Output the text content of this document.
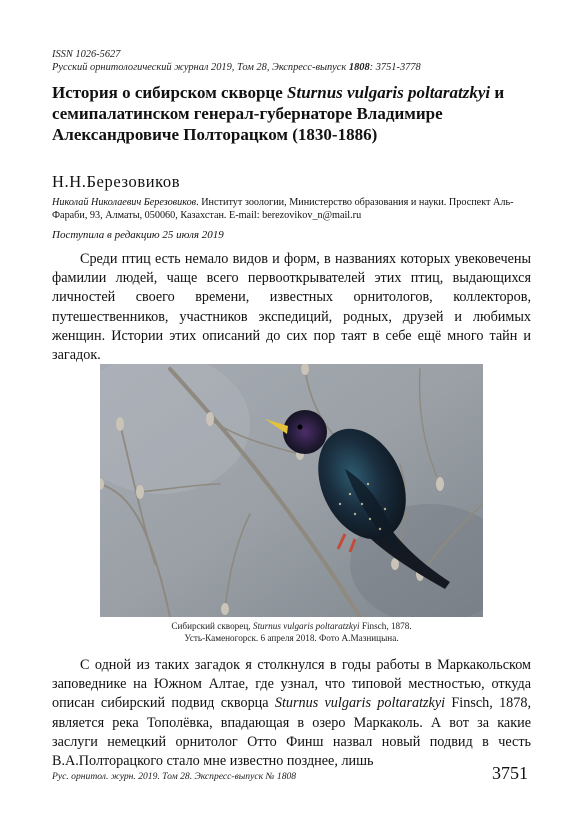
ISSN 1026-5627
Русский орнитологический журнал 2019, Том 28, Экспресс-выпуск 1808: 3751-3778
История о сибирском скворце Sturnus vulgaris poltaratzkyi и семипалатинском генерал-губернаторе Владимире Александровиче Полторацком (1830-1886)
Н.Н.Березовиков
Николай Николаевич Березовиков. Институт зоологии, Министерство образования и науки. Проспект Аль-Фараби, 93, Алматы, 050060, Казахстан. E-mail: berezovikov_n@mail.ru
Поступила в редакцию 25 июля 2019
Среди птиц есть немало видов и форм, в названиях которых увековечены фамилии людей, чаще всего первооткрывателей этих птиц, выдающихся личностей своего времени, известных орнитологов, коллекторов, путешественников, участников экспедиций, родных, друзей и любимых женщин. Истории этих описаний до сих пор таят в себе ещё много тайн и загадок.
Сибирский скворец, Sturnus vulgaris poltaratzkyi Finsch, 1878.
Усть-Каменогорск. 6 апреля 2018. Фото А.Мазницына.
С одной из таких загадок я столкнулся в годы работы в Маркакольском заповеднике на Южном Алтае, где узнал, что типовой местностью, откуда описан сибирский подвид скворца Sturnus vulgaris poltaratzkyi Finsch, 1878, является река Тополёвка, впадающая в озеро Маркаколь. А вот за какие заслуги немецкий орнитолог Отто Финш назвал новый подвид в честь В.А.Полторацкого стало мне известно позднее, лишь
Рус. орнитол. журн. 2019. Том 28. Экспресс-выпуск № 1808	3751
